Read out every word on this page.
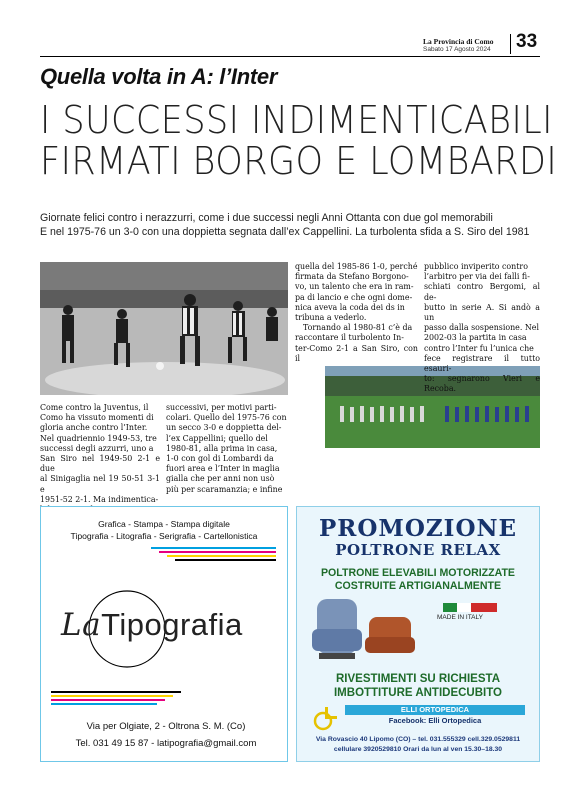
La Provincia di Como
Sabato 17 Agosto 2024 33
Quella volta in A: l’Inter
I SUCCESSI INDIMENTICABILI
FIRMATI BORGO E LOMBARDI
Giornate felici contro i nerazzurri, come i due successi negli Anni Ottanta con due gol memorabili
E nel 1975-76 un 3-0 con una doppietta segnata dall’ex Cappellini. La turbolenta sfida a S. Siro del 1981
Come contro la Juventus, il
Como ha vissuto momenti di
gloria anche contro l’Inter.
Nel quadriennio 1949-53, tre
successi degli azzurri, uno a
San Siro nel 1949-50 2-1 e due
al Sinigaglia nel 19 50-51 3-1 e
1951-52 2-1. Ma indimentica-
successivi, per motivi parti-
colari. Quello del 1975-76 con
un secco 3-0 e doppietta del-
l’ex Cappellini; quello del
1980-81, alla prima in casa,
1-0 con gol di Lombardi da
fuori area e l’Inter in maglia
gialla che per anni non usò
più per scaramanzia; e infine
quella del 1985-86 1-0, perché
firmata da Stefano Borgono-
vo, un talento che era in ram-
pa di lancio e che ogni dome-
nica aveva la coda dei ds in
tribuna a vederlo.
Tornando al 1980-81 c’è da
raccontare il turbolento In-
ter-Como 2-1 a San Siro, con il
pubblico inviperito contro
l’arbitro per via dei falli fi-
schiati contro Bergomi, al de-
butto in serie A. Si andò a un
passo dalla sospensione. Nel
2002-03 la partita in casa
contro l’Inter fu l’unica che
fece registrare il tutto esauri-
to: segnarono Vieri e Recoba.
Grafica - Stampa - Stampa digitale
Tipografia - Litografia - Serigrafia - Cartellonistica
LaTipografia
Via per Olgiate, 2 - Oltrona S. M. (Co)
Tel. 031 49 15 87 - latipografia@gmail.com
PROMOZIONE
POLTRONE RELAX
POLTRONE ELEVABILI MOTORIZZATE
COSTRUITE ARTIGIANALMENTE
MADE IN ITALY
RIVESTIMENTI SU RICHIESTA
IMBOTTITURE ANTIDECUBITO
ELLI ORTOPEDICA
Facebook: Elli Ortopedica
Via Rovascio 40 Lipomo (CO) – tel. 031.555329 cell.329.0529811
cellulare 3920529810 Orari da lun al ven 15.30–18.30
